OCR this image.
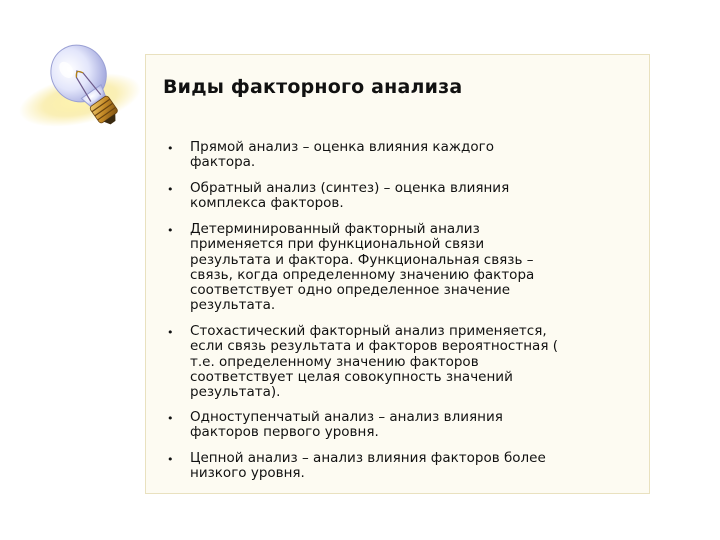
Виды факторного анализа
• Прямой анализ – оценка влияния каждого
фактора.
• Обратный анализ (синтез) – оценка влияния
комплекса факторов.
• Детерминированный факторный анализ
применяется при функциональной связи
результата и фактора. Функциональная связь –
связь, когда определенному значению фактора
соответствует одно определенное значение
результата.
• Стохастический факторный анализ применяется,
если связь результата и факторов вероятностная (
т.е. определенному значению факторов
соответствует целая совокупность значений
результата).
• Одноступенчатый анализ – анализ влияния
факторов первого уровня.
• Цепной анализ – анализ влияния факторов более
низкого уровня.
